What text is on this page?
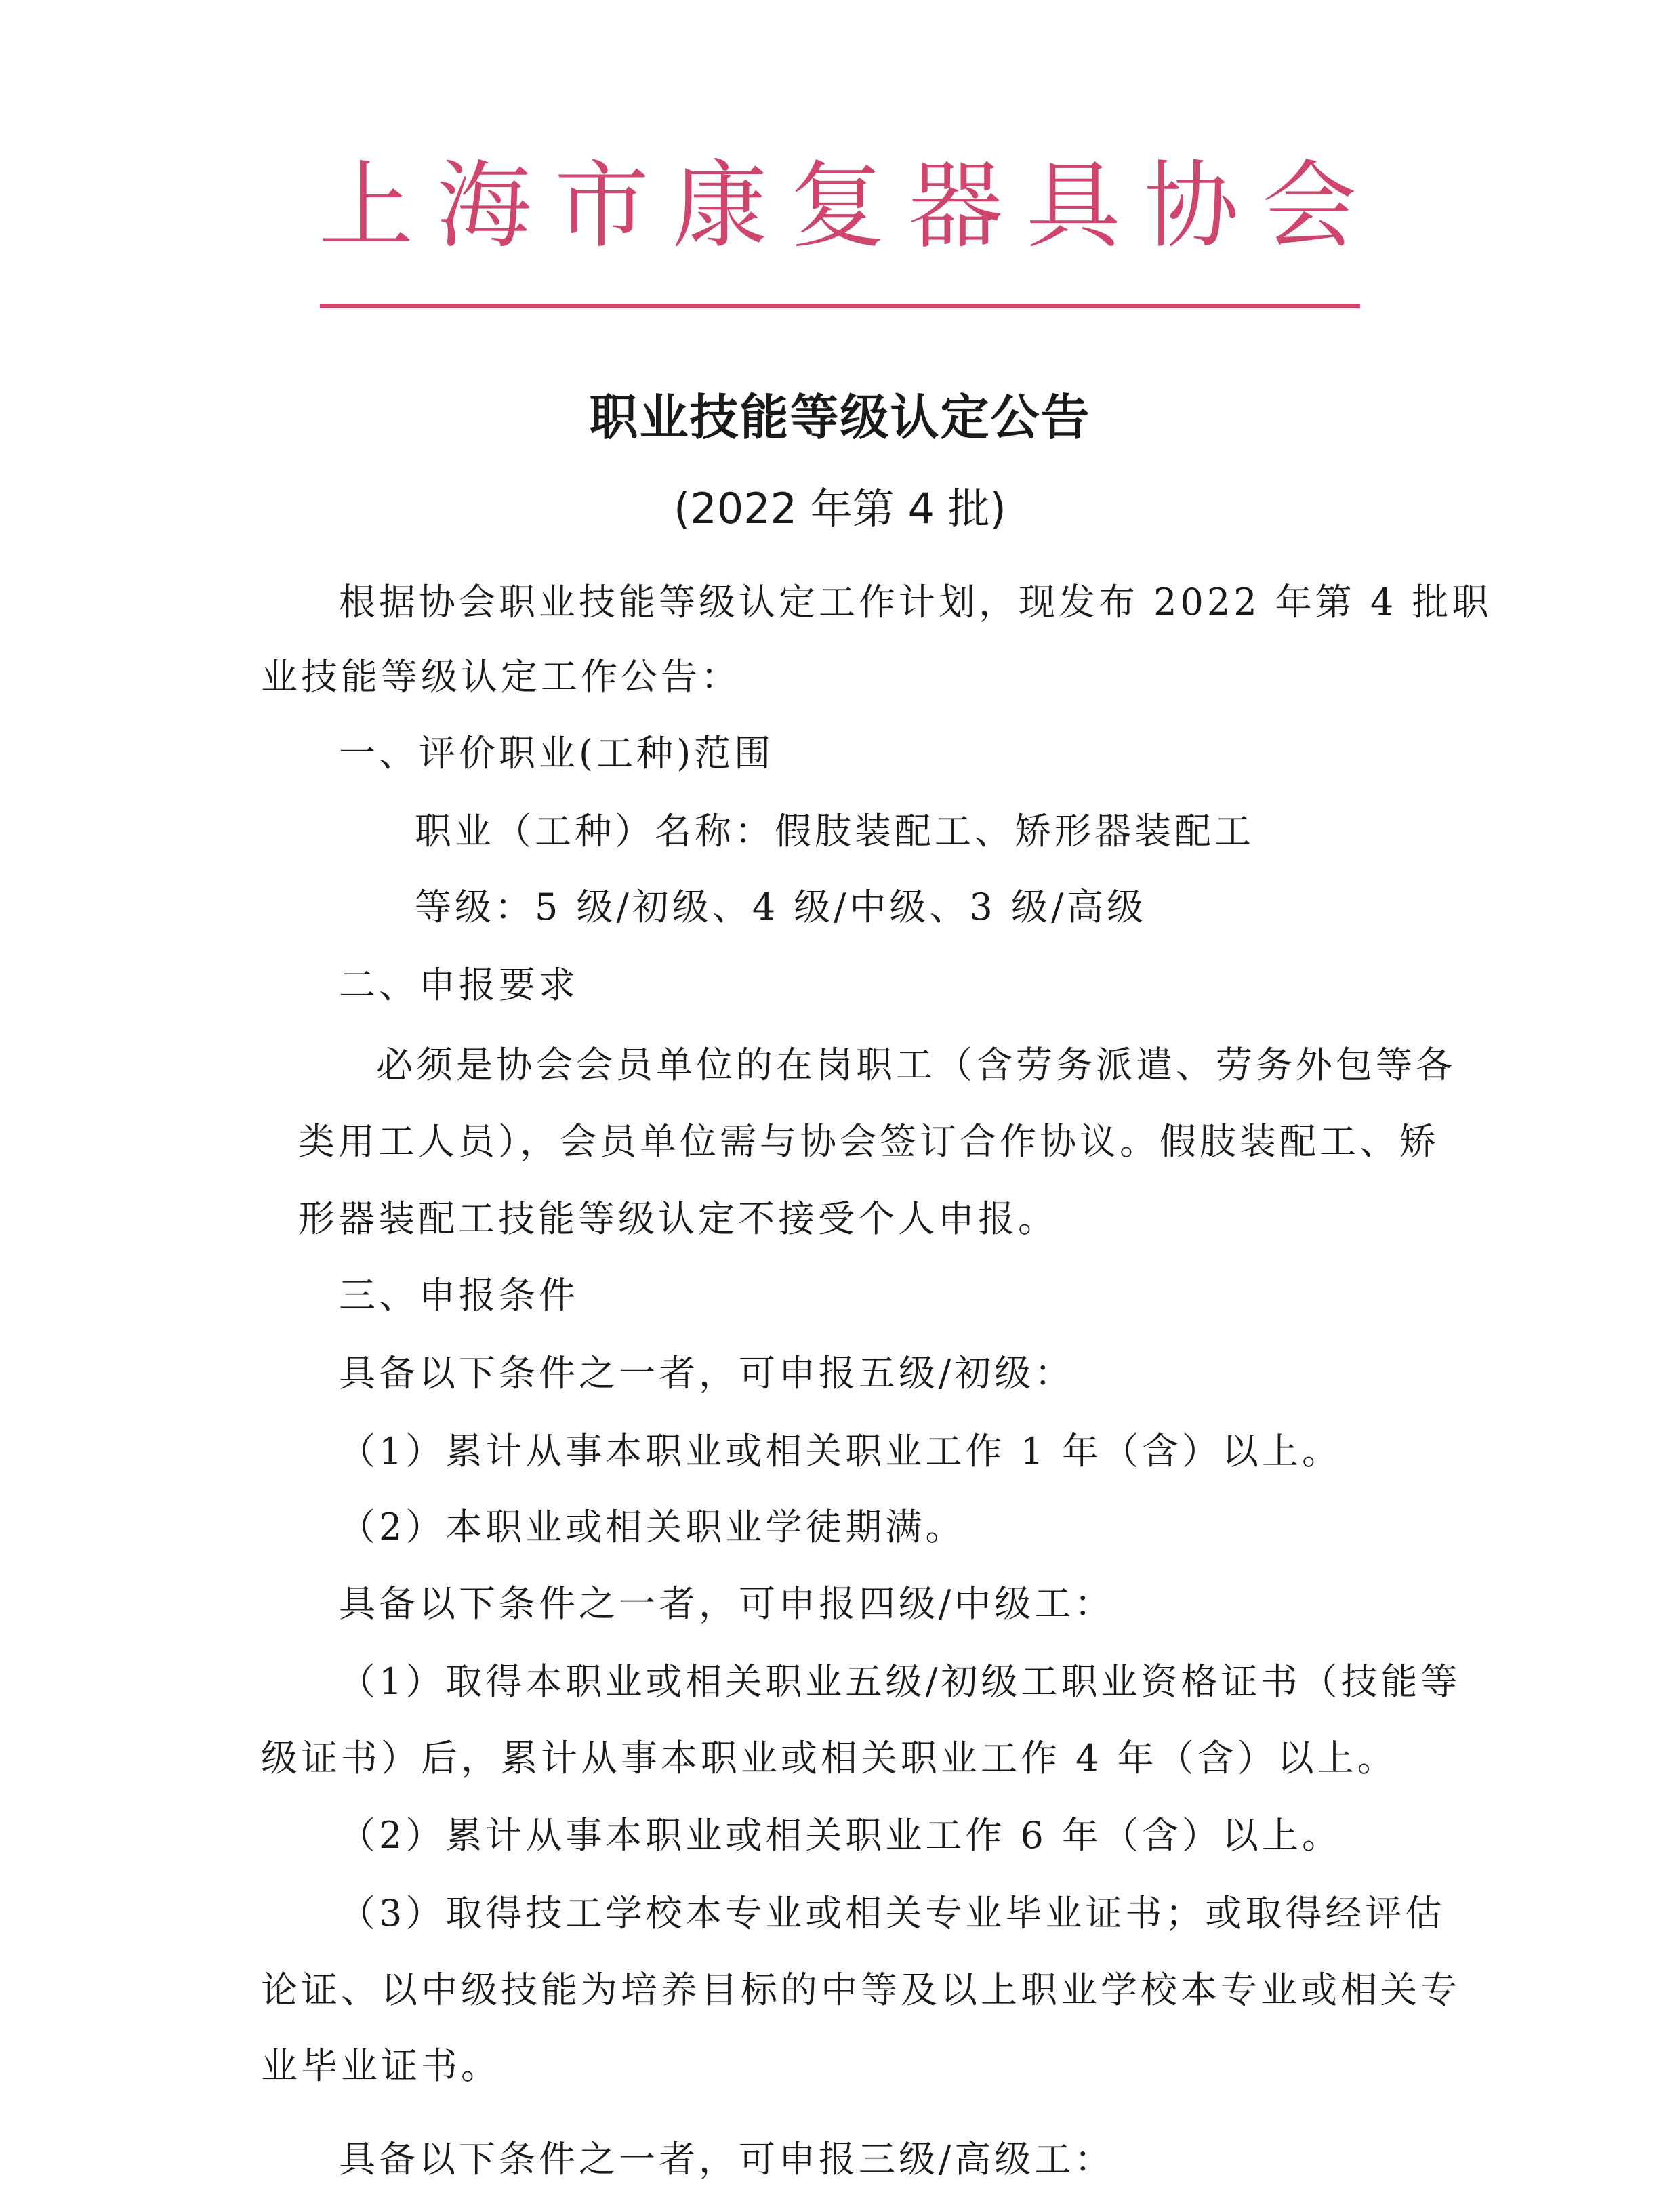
上海市康复器具协会
职业技能等级认定公告
(2022 年第 4 批)
根据协会职业技能等级认定工作计划，现发布 2022 年第 4 批职
业技能等级认定工作公告：
一、评价职业(工种)范围
职业（工种）名称：假肢装配工、矫形器装配工
等级：5 级/初级、4 级/中级、3 级/高级
二、申报要求
必须是协会会员单位的在岗职工（含劳务派遣、劳务外包等各
类用工人员），会员单位需与协会签订合作协议。假肢装配工、矫
形器装配工技能等级认定不接受个人申报。
三、申报条件
具备以下条件之一者，可申报五级/初级：
（1）累计从事本职业或相关职业工作 1 年（含）以上。
（2）本职业或相关职业学徒期满。
具备以下条件之一者，可申报四级/中级工：
（1）取得本职业或相关职业五级/初级工职业资格证书（技能等
级证书）后，累计从事本职业或相关职业工作 4 年（含）以上。
（2）累计从事本职业或相关职业工作 6 年（含）以上。
（3）取得技工学校本专业或相关专业毕业证书；或取得经评估
论证、以中级技能为培养目标的中等及以上职业学校本专业或相关专
业毕业证书。
具备以下条件之一者，可申报三级/高级工：
